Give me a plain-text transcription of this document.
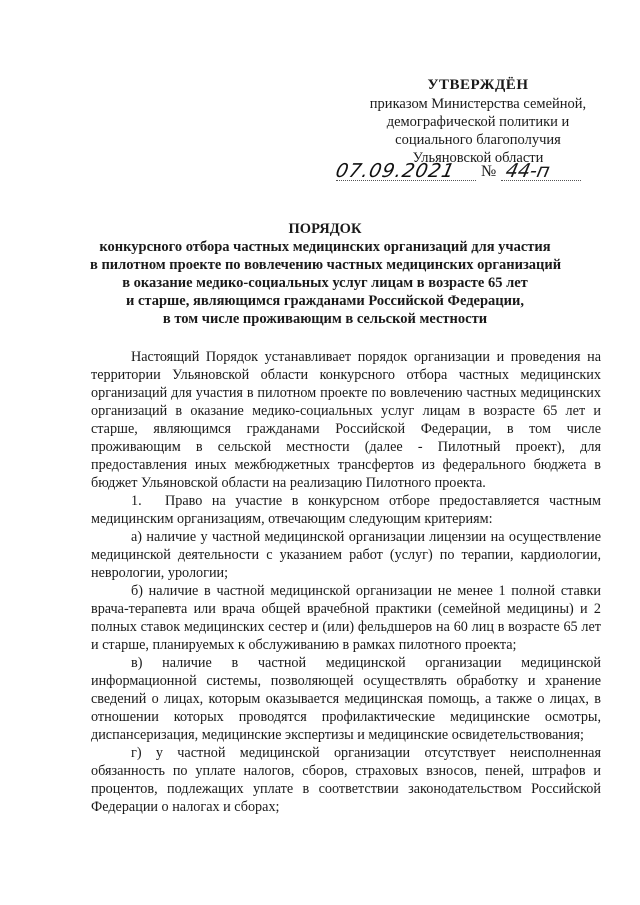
УТВЕРЖДЁН
приказом Министерства семейной,
демографической политики и
социального благополучия
Ульяновской области
07.09.2021 № 44-п
ПОРЯДОК
конкурсного отбора частных медицинских организаций для участия
в пилотном проекте по вовлечению частных медицинских организаций
в оказание медико-социальных услуг лицам в возрасте 65 лет
и старше, являющимся гражданами Российской Федерации,
в том числе проживающим в сельской местности

Настоящий Порядок устанавливает порядок организации и проведения на территории Ульяновской области конкурсного отбора частных медицинских организаций для участия в пилотном проекте по вовлечению частных медицинских организаций в оказание медико-социальных услуг лицам в возрасте 65 лет и старше, являющимся гражданами Российской Федерации, в том числе проживающим в сельской местности (далее - Пилотный проект), для предоставления иных межбюджетных трансфертов из федерального бюджета в бюджет Ульяновской области на реализацию Пилотного проекта.

1. Право на участие в конкурсном отборе предоставляется частным медицинским организациям, отвечающим следующим критериям:

а) наличие у частной медицинской организации лицензии на осуществление медицинской деятельности с указанием работ (услуг) по терапии, кардиологии, неврологии, урологии;

б) наличие в частной медицинской организации не менее 1 полной ставки врача-терапевта или врача общей врачебной практики (семейной медицины) и 2 полных ставок медицинских сестер и (или) фельдшеров на 60 лиц в возрасте 65 лет и старше, планируемых к обслуживанию в рамках пилотного проекта;

в) наличие в частной медицинской организации медицинской информационной системы, позволяющей осуществлять обработку и хранение сведений о лицах, которым оказывается медицинская помощь, а также о лицах, в отношении которых проводятся профилактические медицинские осмотры, диспансеризация, медицинские экспертизы и медицинские освидетельствования;

г) у частной медицинской организации отсутствует неисполненная обязанность по уплате налогов, сборов, страховых взносов, пеней, штрафов и процентов, подлежащих уплате в соответствии законодательством Российской Федерации о налогах и сборах;
